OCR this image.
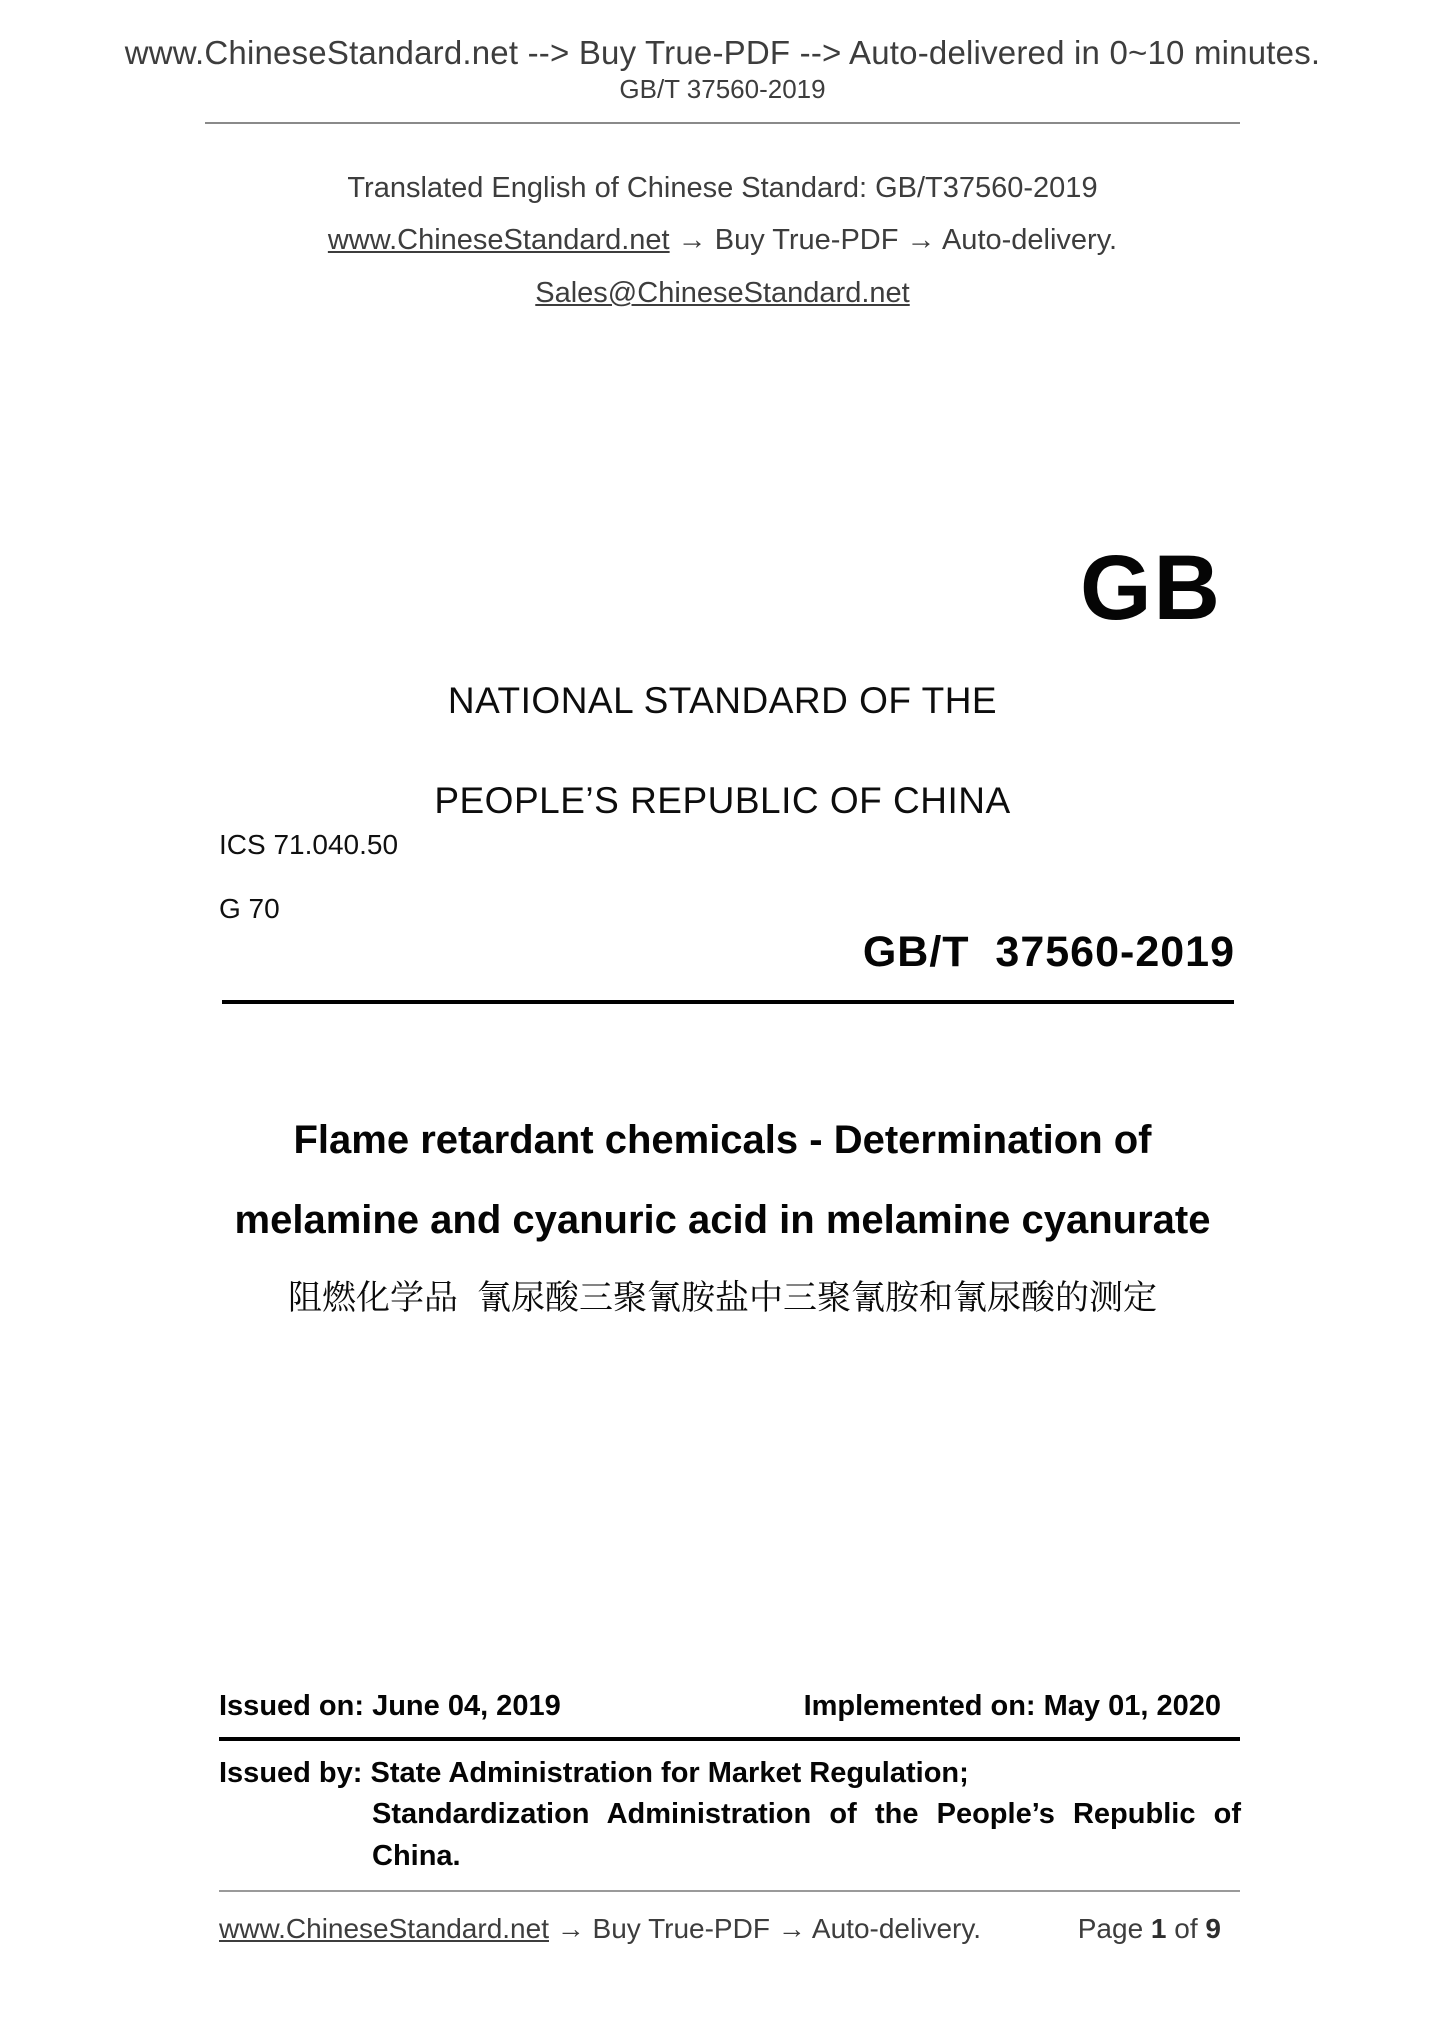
www.ChineseStandard.net --> Buy True-PDF --> Auto-delivered in 0~10 minutes.
GB/T 37560-2019
Translated English of Chinese Standard: GB/T37560-2019
www.ChineseStandard.net → Buy True-PDF → Auto-delivery.
Sales@ChineseStandard.net
GB
NATIONAL STANDARD OF THE
PEOPLE’S REPUBLIC OF CHINA
ICS 71.040.50
G 70
GB/T  37560-2019
Flame retardant chemicals - Determination of
melamine and cyanuric acid in melamine cyanurate
阻燃化学品  氰尿酸三聚氰胺盐中三聚氰胺和氰尿酸的测定
Issued on: June 04, 2019	Implemented on: May 01, 2020
Issued by: State Administration for Market Regulation;
Standardization Administration of the People’s Republic of
China.
www.ChineseStandard.net → Buy True-PDF → Auto-delivery.	Page 1 of 9
